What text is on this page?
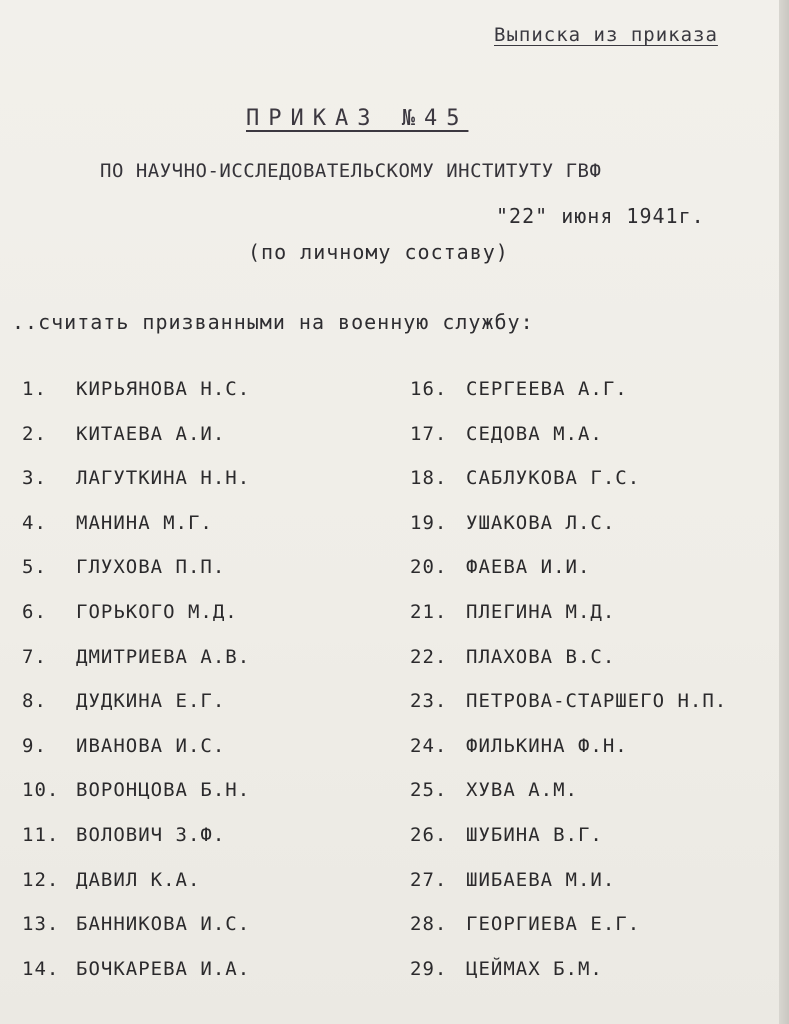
Выписка из приказа
ПРИКАЗ №45
ПО НАУЧНО-ИССЛЕДОВАТЕЛЬСКОМУ ИНСТИТУТУ ГВФ
"22" июня 1941г.
(по личному составу)
..считать призванными на военную службу:
1.	КИРЬЯНОВА Н.С.
2.	КИТАЕВА А.И.
3.	ЛАГУТКИНА Н.Н.
4.	МАНИНА М.Г.
5.	ГЛУХОВА П.П.
6.	ГОРЬКОГО М.Д.
7.	ДМИТРИЕВА А.В.
8.	ДУДКИНА Е.Г.
9.	ИВАНОВА И.С.
10. ВОРОНЦОВА Б.Н.
11. ВОЛОВИЧ З.Ф.
12. ДАВИЛ К.А.
13. БАННИКОВА И.С.
14. БОЧКАРЕВА И.А.
16. СЕРГЕЕВА А.Г.
17. СЕДОВА М.А.
18. САБЛУКОВА Г.С.
19. УШАКОВА Л.С.
20. ФАЕВА И.И.
21. ПЛЕГИНА М.Д.
22. ПЛАХОВА В.С.
23. ПЕТРОВА-СТАРШЕГО Н.П.
24. ФИЛЬКИНА Ф.Н.
25. ХУВА А.М.
26. ШУБИНА В.Г.
27. ШИБАЕВА М.И.
28. ГЕОРГИЕВА Е.Г.
29. ЦЕЙМАХ Б.М.
